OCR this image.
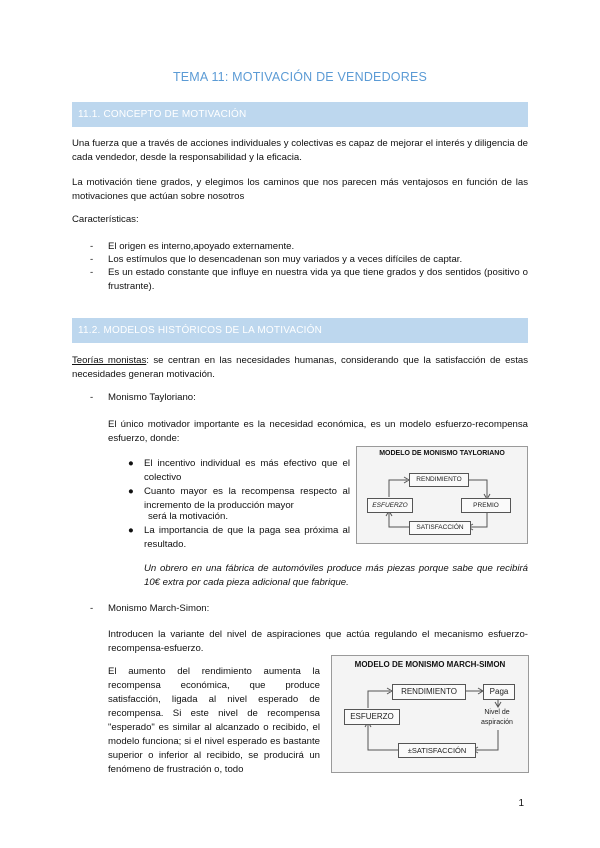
TEMA 11: MOTIVACIÓN DE VENDEDORES
11.1. CONCEPTO DE MOTIVACIÓN
Una fuerza que a través de acciones individuales y colectivas es capaz de mejorar el interés y diligencia de cada vendedor, desde la responsabilidad y la eficacia.
La motivación tiene grados, y elegimos los caminos que nos parecen más ventajosos en función de las motivaciones que actúan sobre nosotros
Características:
- El origen es interno,apoyado externamente.
- Los estímulos que lo desencadenan son muy variados y a veces difíciles de captar.
- Es un estado constante que influye en nuestra vida ya que tiene grados y dos sentidos (positivo o frustrante).
11.2. MODELOS HISTÓRICOS DE LA MOTIVACIÓN
Teorías monistas: se centran en las necesidades humanas, considerando que la satisfacción de estas necesidades generan motivación.
- Monismo Tayloriano:
El único motivador importante es la necesidad económica, es un modelo esfuerzo-recompensa esfuerzo, donde:
● El incentivo individual es más efectivo que el colectivo
● Cuanto mayor es la recompensa respecto al incremento de la producción mayor
será la motivación.
● La importancia de que la paga sea próxima al resultado.
MODELO DE MONISMO TAYLORIANO
RENDIMIENTO
ESFUERZO	PREMIO
SATISFACCIÓN
Un obrero en una fábrica de automóviles produce más piezas porque sabe que recibirá 10€ extra por cada pieza adicional que fabrique.
- Monismo March-Simon:
Introducen la variante del nivel de aspiraciones que actúa regulando el mecanismo esfuerzo-recompensa-esfuerzo.
El aumento del rendimiento aumenta la recompensa económica, que produce satisfacción, ligada al nivel esperado de recompensa. Si este nivel de recompensa "esperado" es similar al alcanzado o recibido, el modelo funciona; si el nivel esperado es bastante superior o inferior al recibido, se producirá un fenómeno de frustración o, todo
MODELO DE MONISMO MARCH-SIMON
RENDIMIENTO	Paga
ESFUERZO	Nivel de aspiración
±SATISFACCIÓN
1
